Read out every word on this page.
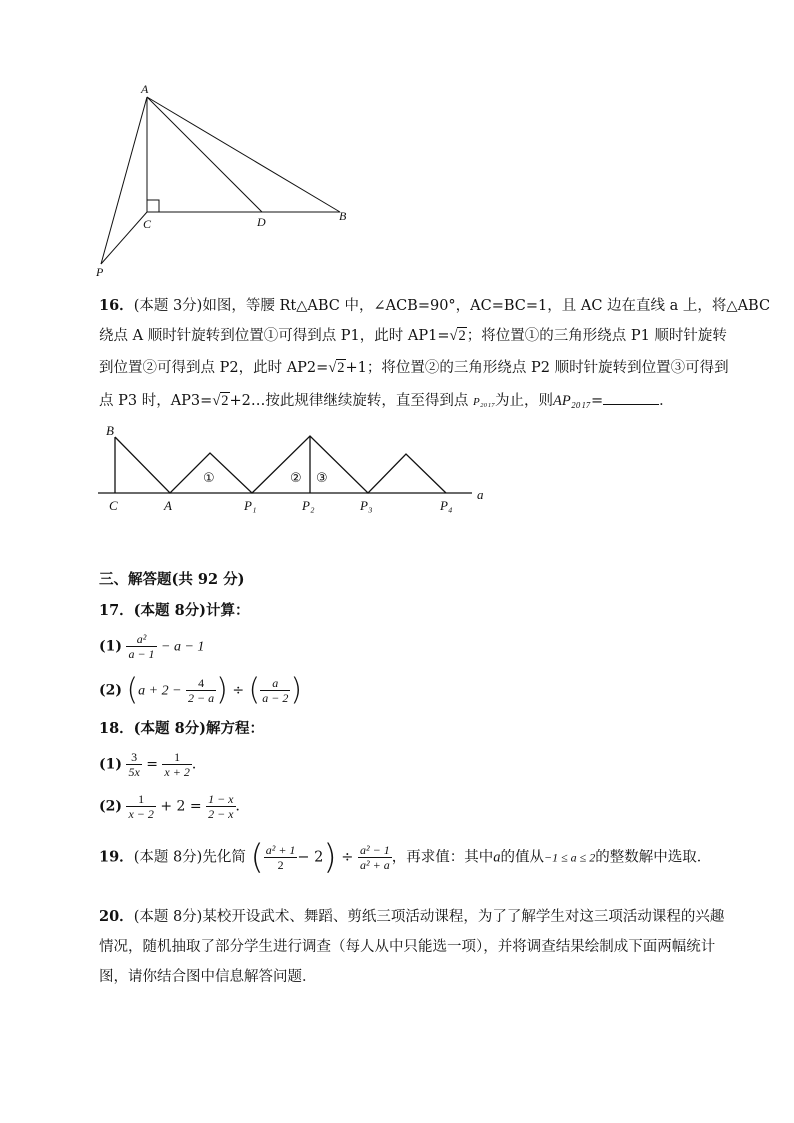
A
C	D	B
P
16．(本题 3分)如图，等腰 Rt△ABC 中，∠ACB=90°，AC=BC=1，且 AC 边在直线 a 上，将△ABC
绕点 A 顺时针旋转到位置①可得到点 P1，此时 AP1=√2；将位置①的三角形绕点 P1 顺时针旋转
到位置②可得到点 P2，此时 AP2=√2+1；将位置②的三角形绕点 P2 顺时针旋转到位置③可得到
点 P3 时，AP3=√2+2…按此规律继续旋转，直至得到点 P₂₀₁₇为止，则AP₂₀₁₇=	．
B
C	A	P₁	P₂	P₃	P₄
a
①	② ③
三、解答题(共 92 分)
17．(本题 8分)计算：
$(1) \frac{\text{a²}}{a - 1} - a - 1$
(2) ($a + 2 - \frac{4}{2 - a}$ ) ÷ ( $\frac{a}{a - 2}$ )
18．(本题 8分)解方程：
$(1) \frac{3}{5x} = \frac{1}{x + 2}$ ．
$(2) \frac{1}{x - 2} + 2 = \frac{1 - x}{2 - x}$ ．
19．(本题 8分)先化简 ( $\frac{\text{a² + 1}}{2} - 2) \div \frac{\text{a² − 1}}{\text{a² + a}}$ ，再求值：其中a的值从−1 ≤ a ≤ 2的整数解中选取．
20．(本题 8分)某校开设武术、舞蹈、剪纸三项活动课程，为了了解学生对这三项活动课程的兴趣
情况，随机抽取了部分学生进行调查（每人从中只能选一项），并将调查结果绘制成下面两幅统计
图，请你结合图中信息解答问题．
